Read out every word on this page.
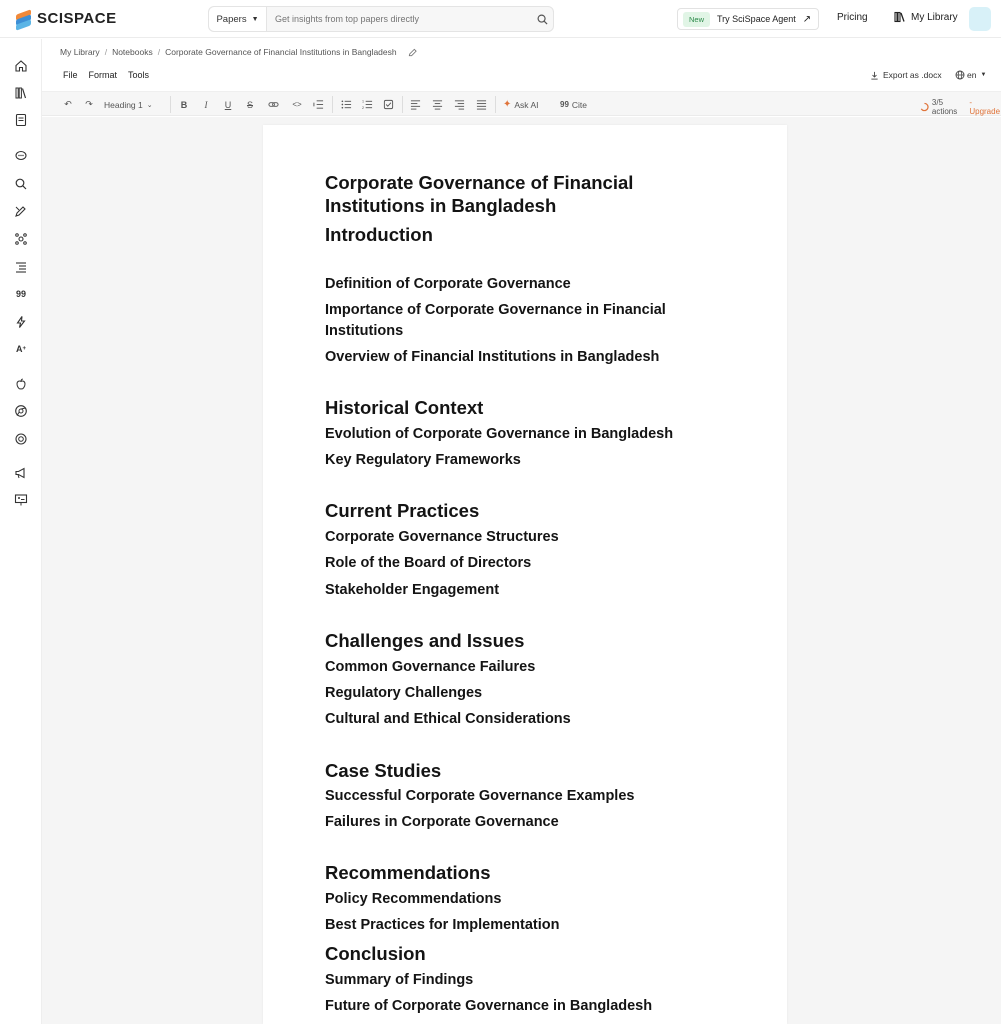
SCISPACE	Papers ▼
Get insights from top papers directly	New	Try SciSpace Agent ↗	Pricing	My Library
99
A +
My Library / Notebooks / Corporate Governance of Financial Institutions in Bangladesh
File Format Tools	Export as .docx	en ▼
↶ ↷ Heading 1 ⌄	B	I	U	S	<>	1
2	✦ Ask AI	99 Cite	3/5 actions
- Upgrade
Corporate Governance of Financial
Institutions in Bangladesh
Introduction
Definition of Corporate Governance
Importance of Corporate Governance in Financial
Institutions
Overview of Financial Institutions in Bangladesh
Historical Context
Evolution of Corporate Governance in Bangladesh
Key Regulatory Frameworks
Current Practices
Corporate Governance Structures
Role of the Board of Directors
Stakeholder Engagement
Challenges and Issues
Common Governance Failures
Regulatory Challenges
Cultural and Ethical Considerations
Case Studies
Successful Corporate Governance Examples
Failures in Corporate Governance
Recommendations
Policy Recommendations
Best Practices for Implementation
Conclusion
Summary of Findings
Future of Corporate Governance in Bangladesh
